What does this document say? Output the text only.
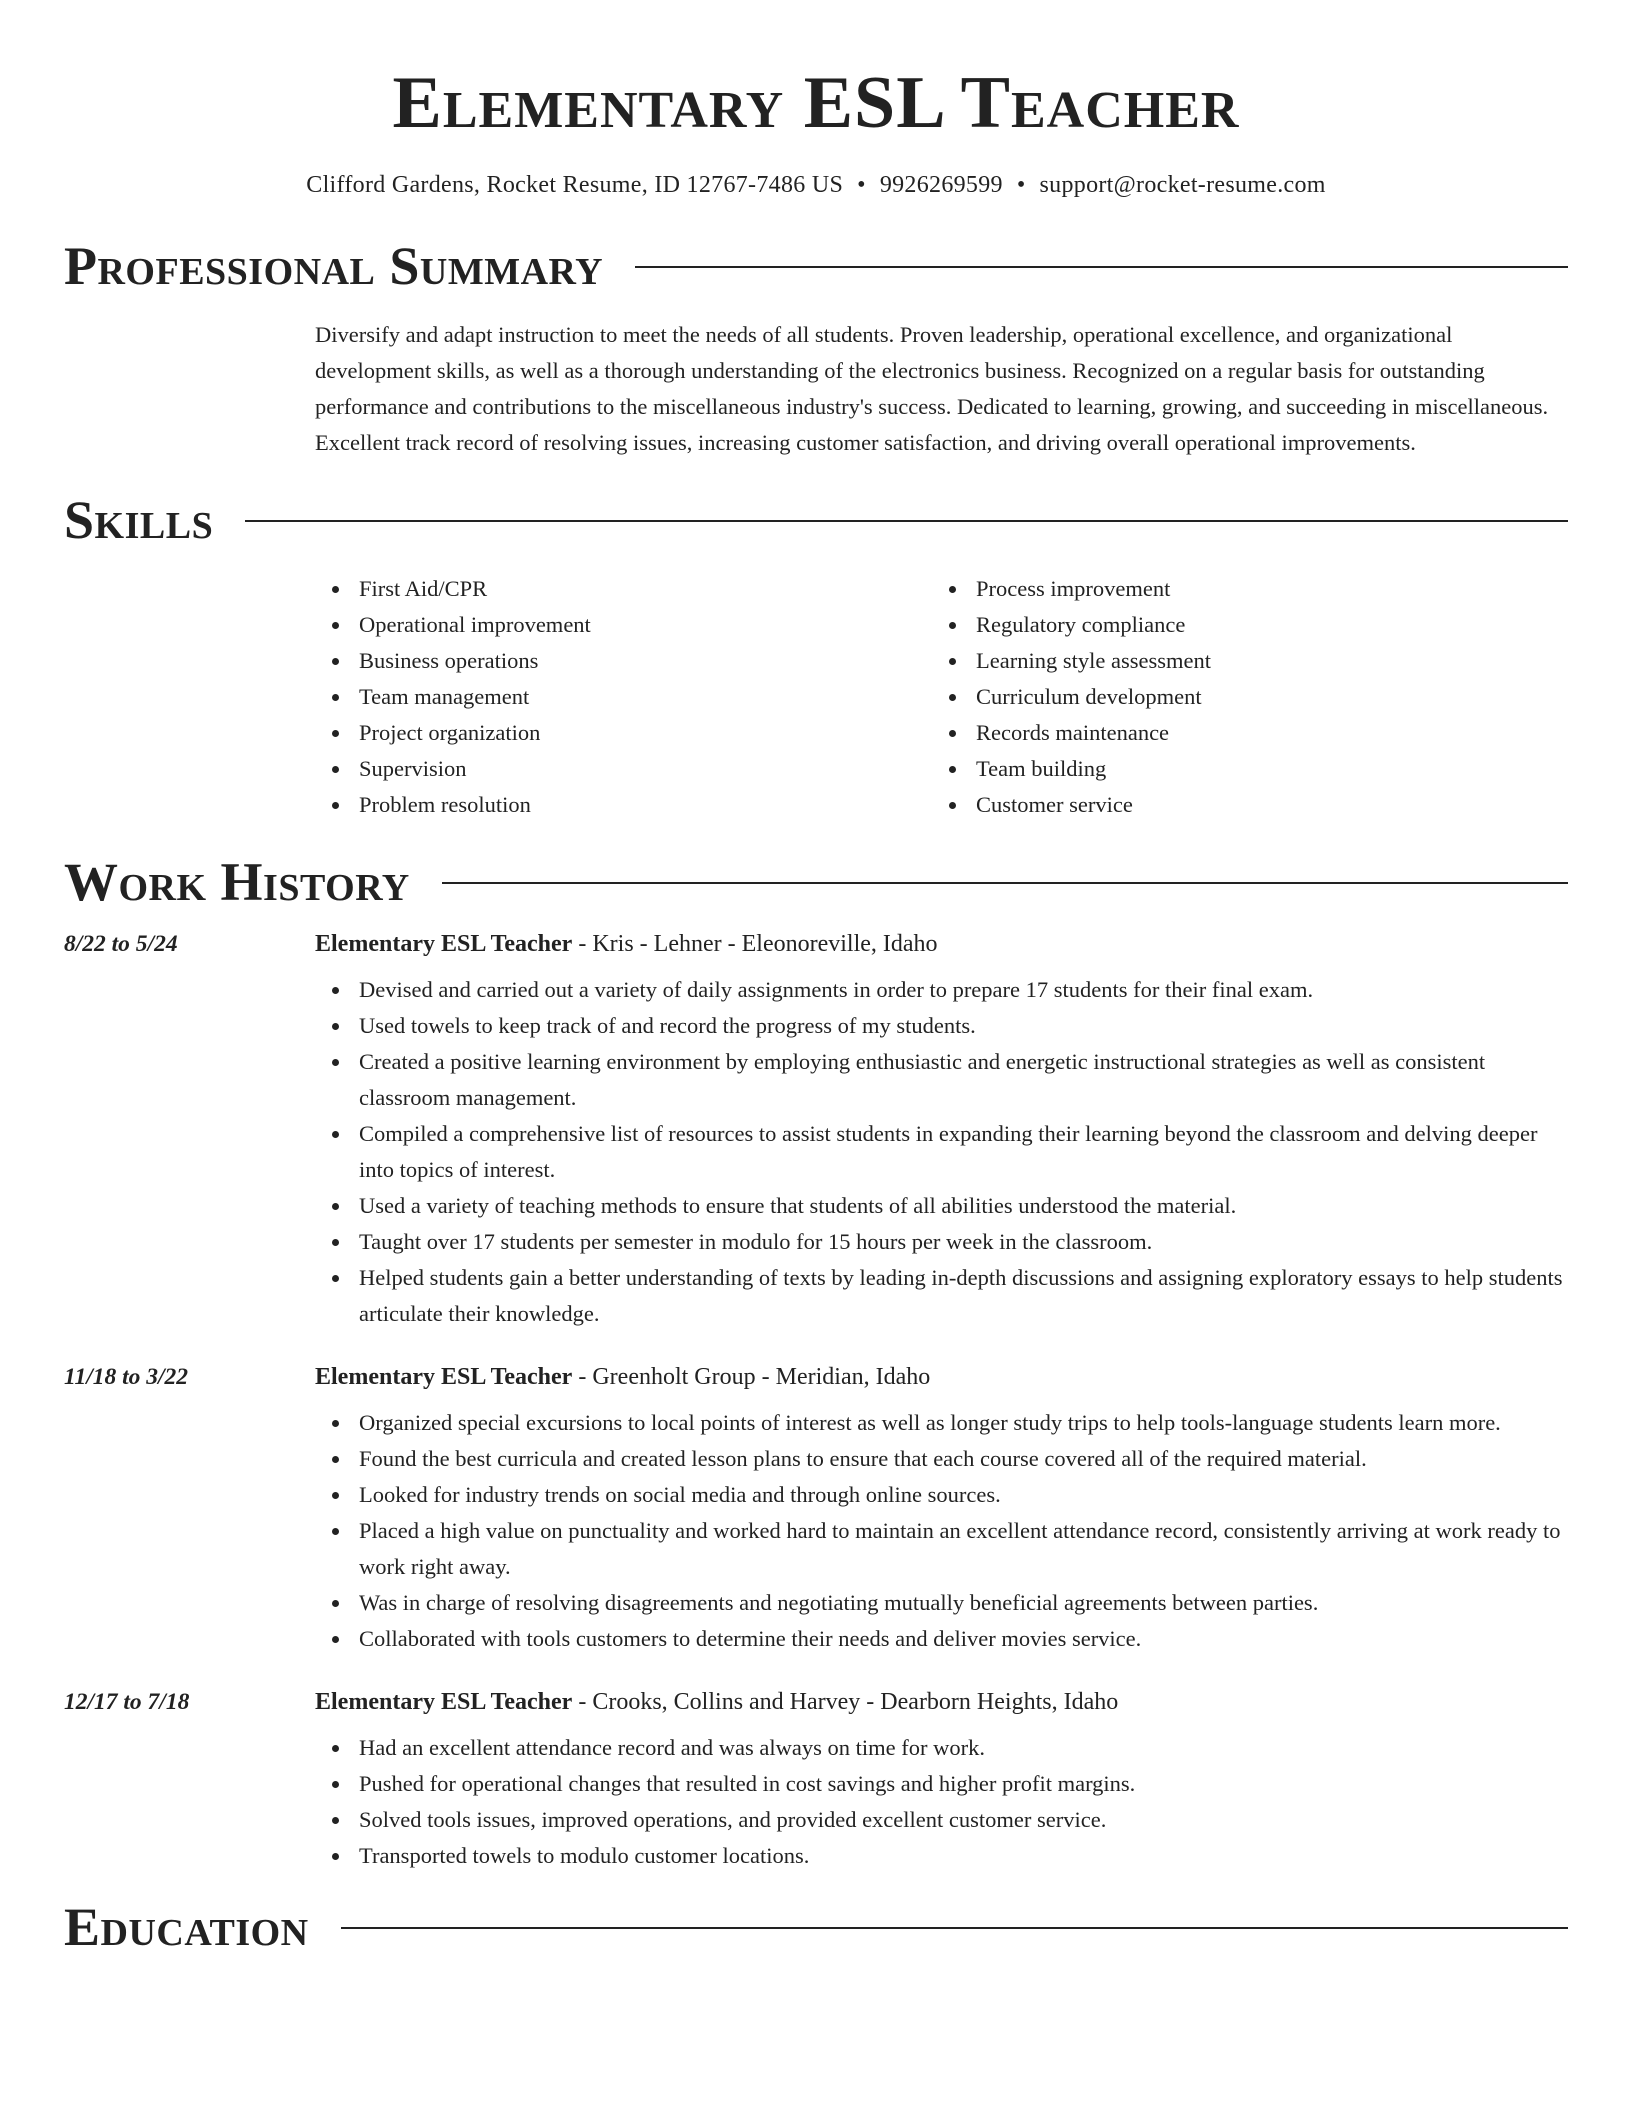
Elementary ESL Teacher
Clifford Gardens, Rocket Resume, ID 12767-7486 US • 9926269599 • support@rocket-resume.com
Professional Summary

Diversify and adapt instruction to meet the needs of all students. Proven leadership, operational excellence, and organizational development skills, as well as a thorough understanding of the electronics business. Recognized on a regular basis for outstanding performance and contributions to the miscellaneous industry's success. Dedicated to learning, growing, and succeeding in miscellaneous. Excellent track record of resolving issues, increasing customer satisfaction, and driving overall operational improvements.

Skills
First Aid/CPR
Operational improvement
Business operations
Team management
Project organization
Supervision
Problem resolution
Process improvement
Regulatory compliance
Learning style assessment
Curriculum development
Records maintenance
Team building
Customer service
Work History
8/22 to 5/24	Elementary ESL Teacher - Kris - Lehner - Eleonoreville, Idaho
Devised and carried out a variety of daily assignments in order to prepare 17 students for their final exam.
Used towels to keep track of and record the progress of my students.
Created a positive learning environment by employing enthusiastic and energetic instructional strategies as well as consistent classroom management.
Compiled a comprehensive list of resources to assist students in expanding their learning beyond the classroom and delving deeper into topics of interest.
Used a variety of teaching methods to ensure that students of all abilities understood the material.
Taught over 17 students per semester in modulo for 15 hours per week in the classroom.
Helped students gain a better understanding of texts by leading in-depth discussions and assigning exploratory essays to help students articulate their knowledge.
11/18 to 3/22	Elementary ESL Teacher - Greenholt Group - Meridian, Idaho
Organized special excursions to local points of interest as well as longer study trips to help tools-language students learn more.
Found the best curricula and created lesson plans to ensure that each course covered all of the required material.
Looked for industry trends on social media and through online sources.
Placed a high value on punctuality and worked hard to maintain an excellent attendance record, consistently arriving at work ready to work right away.
Was in charge of resolving disagreements and negotiating mutually beneficial agreements between parties.
Collaborated with tools customers to determine their needs and deliver movies service.
12/17 to 7/18	Elementary ESL Teacher - Crooks, Collins and Harvey - Dearborn Heights, Idaho
Had an excellent attendance record and was always on time for work.
Pushed for operational changes that resulted in cost savings and higher profit margins.
Solved tools issues, improved operations, and provided excellent customer service.
Transported towels to modulo customer locations.
Education
